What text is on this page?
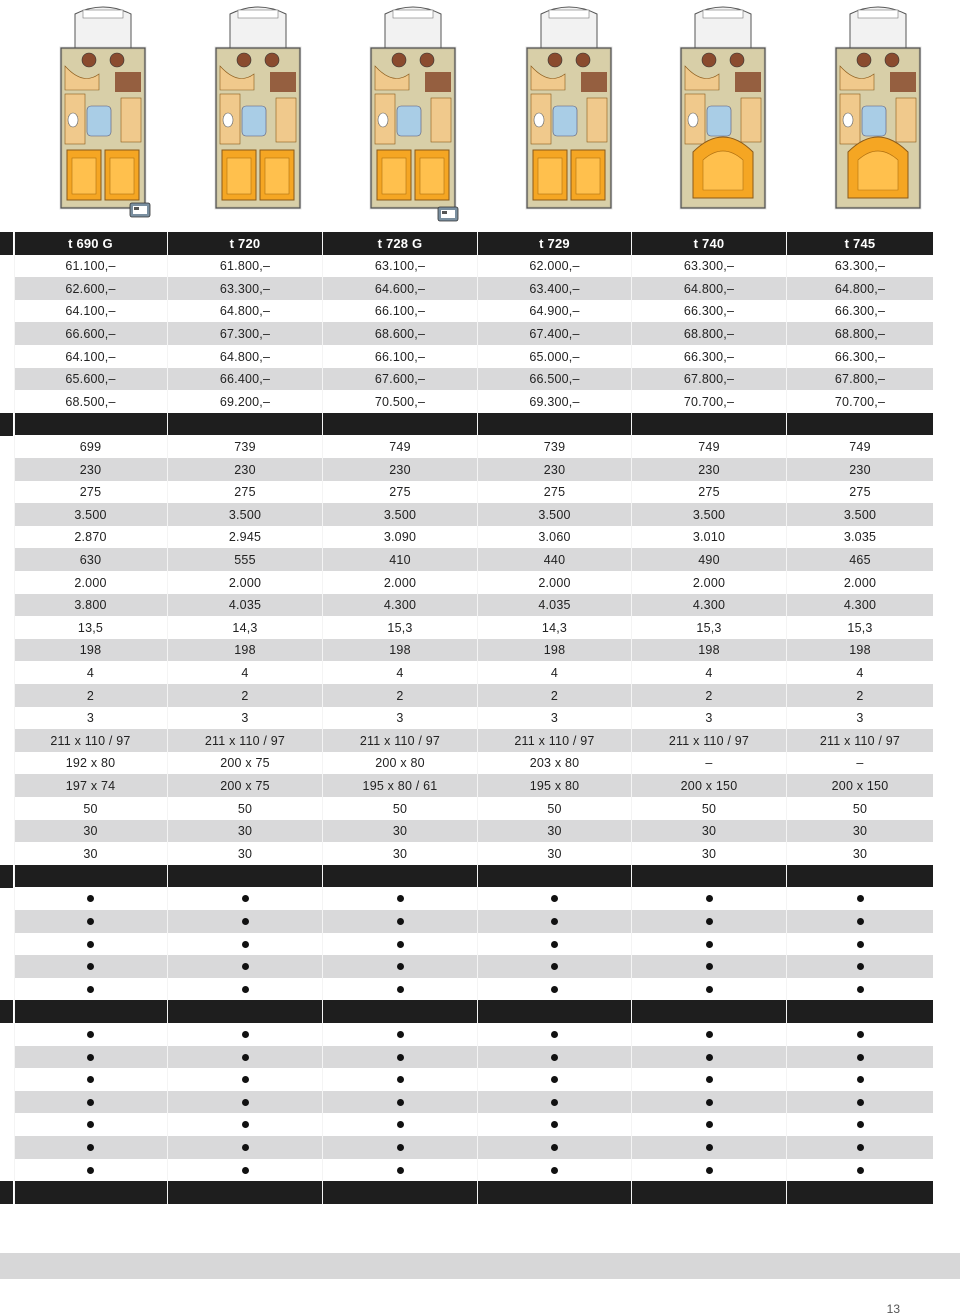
t 690 G	t 720	t 728 G	t 729	t 740	t 745
61.100,–	61.800,–	63.100,–	62.000,–	63.300,–	63.300,–
62.600,–	63.300,–	64.600,–	63.400,–	64.800,–	64.800,–
64.100,–	64.800,–	66.100,–	64.900,–	66.300,–	66.300,–
66.600,–	67.300,–	68.600,–	67.400,–	68.800,–	68.800,–
64.100,–	64.800,–	66.100,–	65.000,–	66.300,–	66.300,–
65.600,–	66.400,–	67.600,–	66.500,–	67.800,–	67.800,–
68.500,–	69.200,–	70.500,–	69.300,–	70.700,–	70.700,–
699	739	749	739	749	749
230	230	230	230	230	230
275	275	275	275	275	275
3.500	3.500	3.500	3.500	3.500	3.500
2.870	2.945	3.090	3.060	3.010	3.035
630	555	410	440	490	465
2.000	2.000	2.000	2.000	2.000	2.000
3.800	4.035	4.300	4.035	4.300	4.300
13,5	14,3	15,3	14,3	15,3	15,3
198	198	198	198	198	198
4	4	4	4	4	4
2	2	2	2	2	2
3	3	3	3	3	3
211 x 110 / 97	211 x 110 / 97	211 x 110 / 97	211 x 110 / 97	211 x 110 / 97	211 x 110 / 97
192 x 80	200 x 75	200 x 80	203 x 80	–	–
197 x 74	200 x 75	195 x 80 / 61	195 x 80	200 x 150	200 x 150
50	50	50	50	50	50
30	30	30	30	30	30
30	30	30	30	30	30
13
